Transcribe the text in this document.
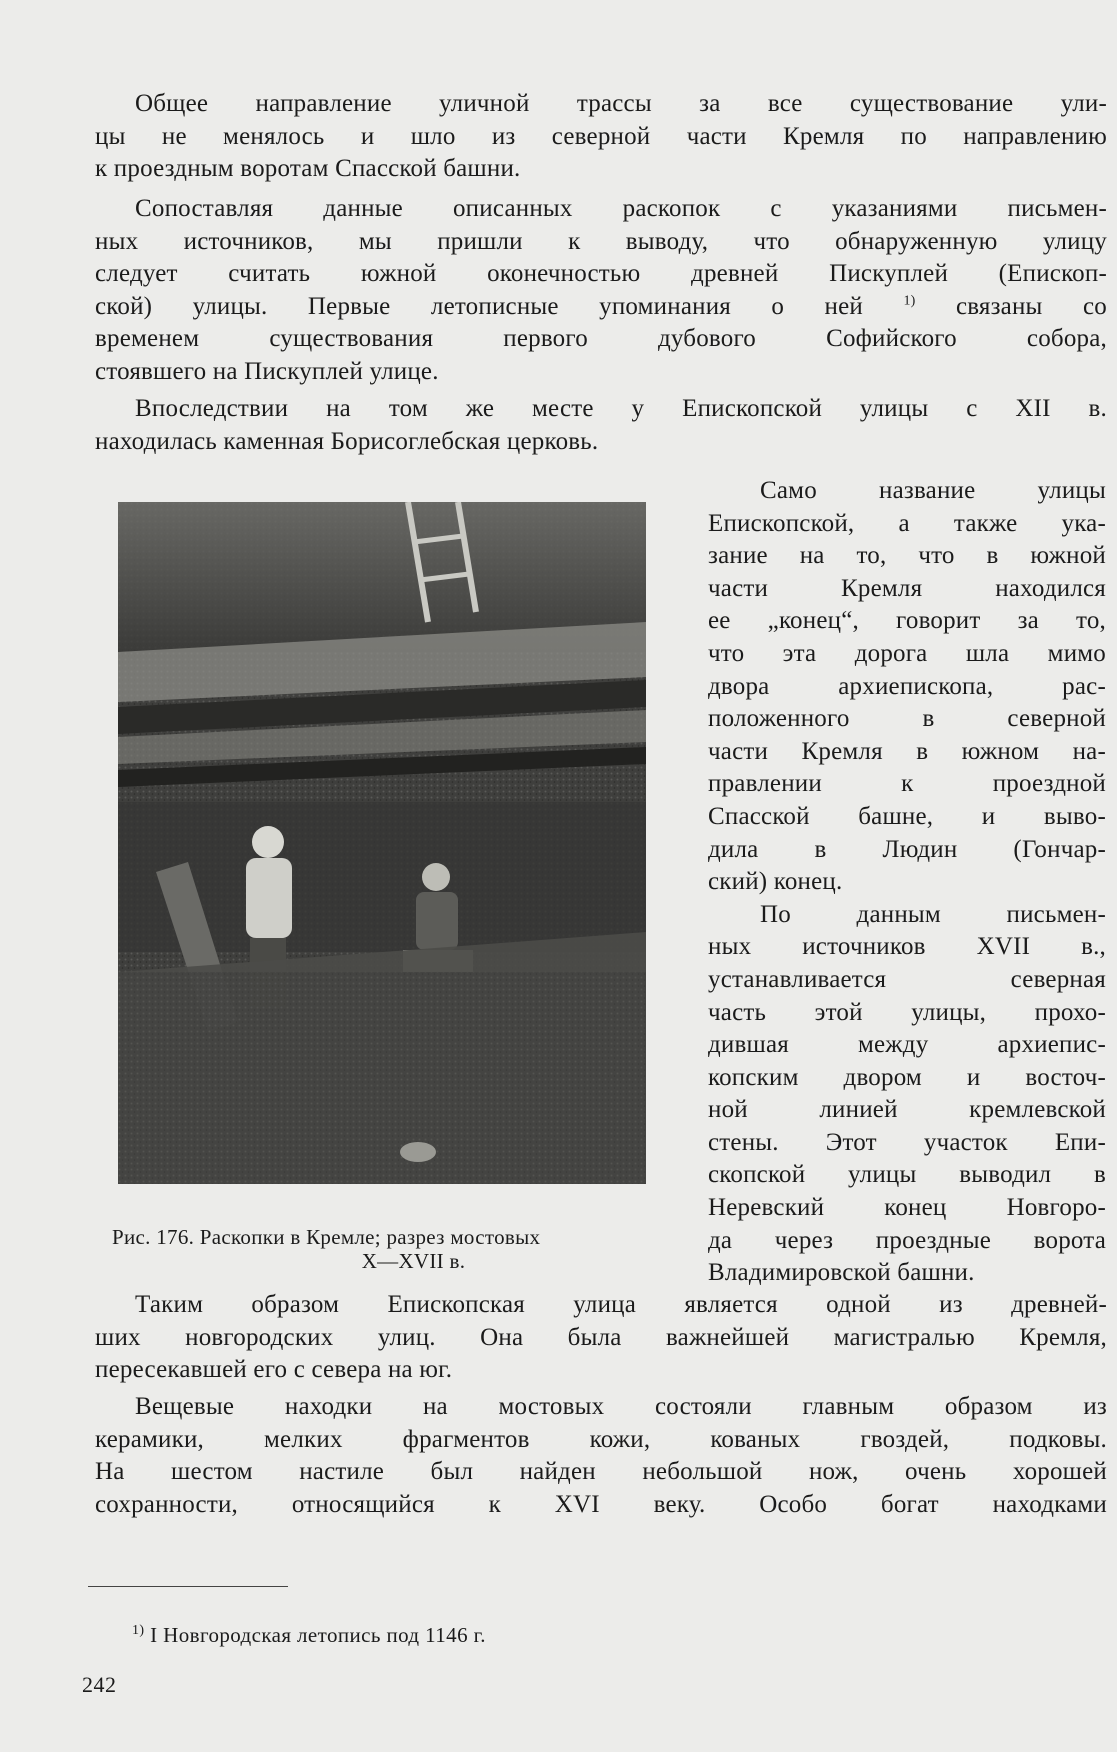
Общее направление уличной трассы за все существование ули-
цы не менялось и шло из северной части Кремля по направлению
к проездным воротам Спасской башни.

Сопоставляя данные описанных раскопок с указаниями письмен-
ных источников, мы пришли к выводу, что обнаруженную улицу
следует считать южной оконечностью древней Пискуплей (Епископ-
ской) улицы. Первые летописные упоминания о ней	$^{1)}$ связаны со
временем существования первого дубового Софийского собора,
стоявшего на Пискуплей улице.

Впоследствии на том же месте у Епископской улицы с XII в.
находилась каменная Борисоглебская церковь.

Рис. 176. Раскопки в Кремле; разрез мостовых
X—XVII в.

Само название улицы
Епископской, а также ука-
зание на то, что в южной
части Кремля находился
ее „конец“, говорит за то,
что эта дорога шла мимо
двора архиепископа, рас-
положенного в северной
части Кремля в южном на-
правлении к проездной
Спасской башне, и выво-
дила в Людин (Гончар-
ский) конец.
По данным письмен-
ных источников XVII в.,
устанавливается северная
часть этой улицы, прохо-
дившая между архиепис-
копским двором и восточ-
ной линией кремлевской
стены. Этот участок Епи-
скопской улицы выводил в
Неревский конец Новгоро-
да через проездные ворота
Владимировской башни.

Таким образом Епископская улица является одной из древней-
ших новгородских улиц. Она была важнейшей магистралью Кремля,
пересекавшей его с севера на юг.

Вещевые находки на мостовых состояли главным образом из
керамики, мелких фрагментов кожи, кованых гвоздей, подковы.
На шестом настиле был найден небольшой нож, очень хорошей
сохранности, относящийся к XVI веку. Особо богат находками

$^{1)}$ I Новгородская летопись под 1146 г.
242
